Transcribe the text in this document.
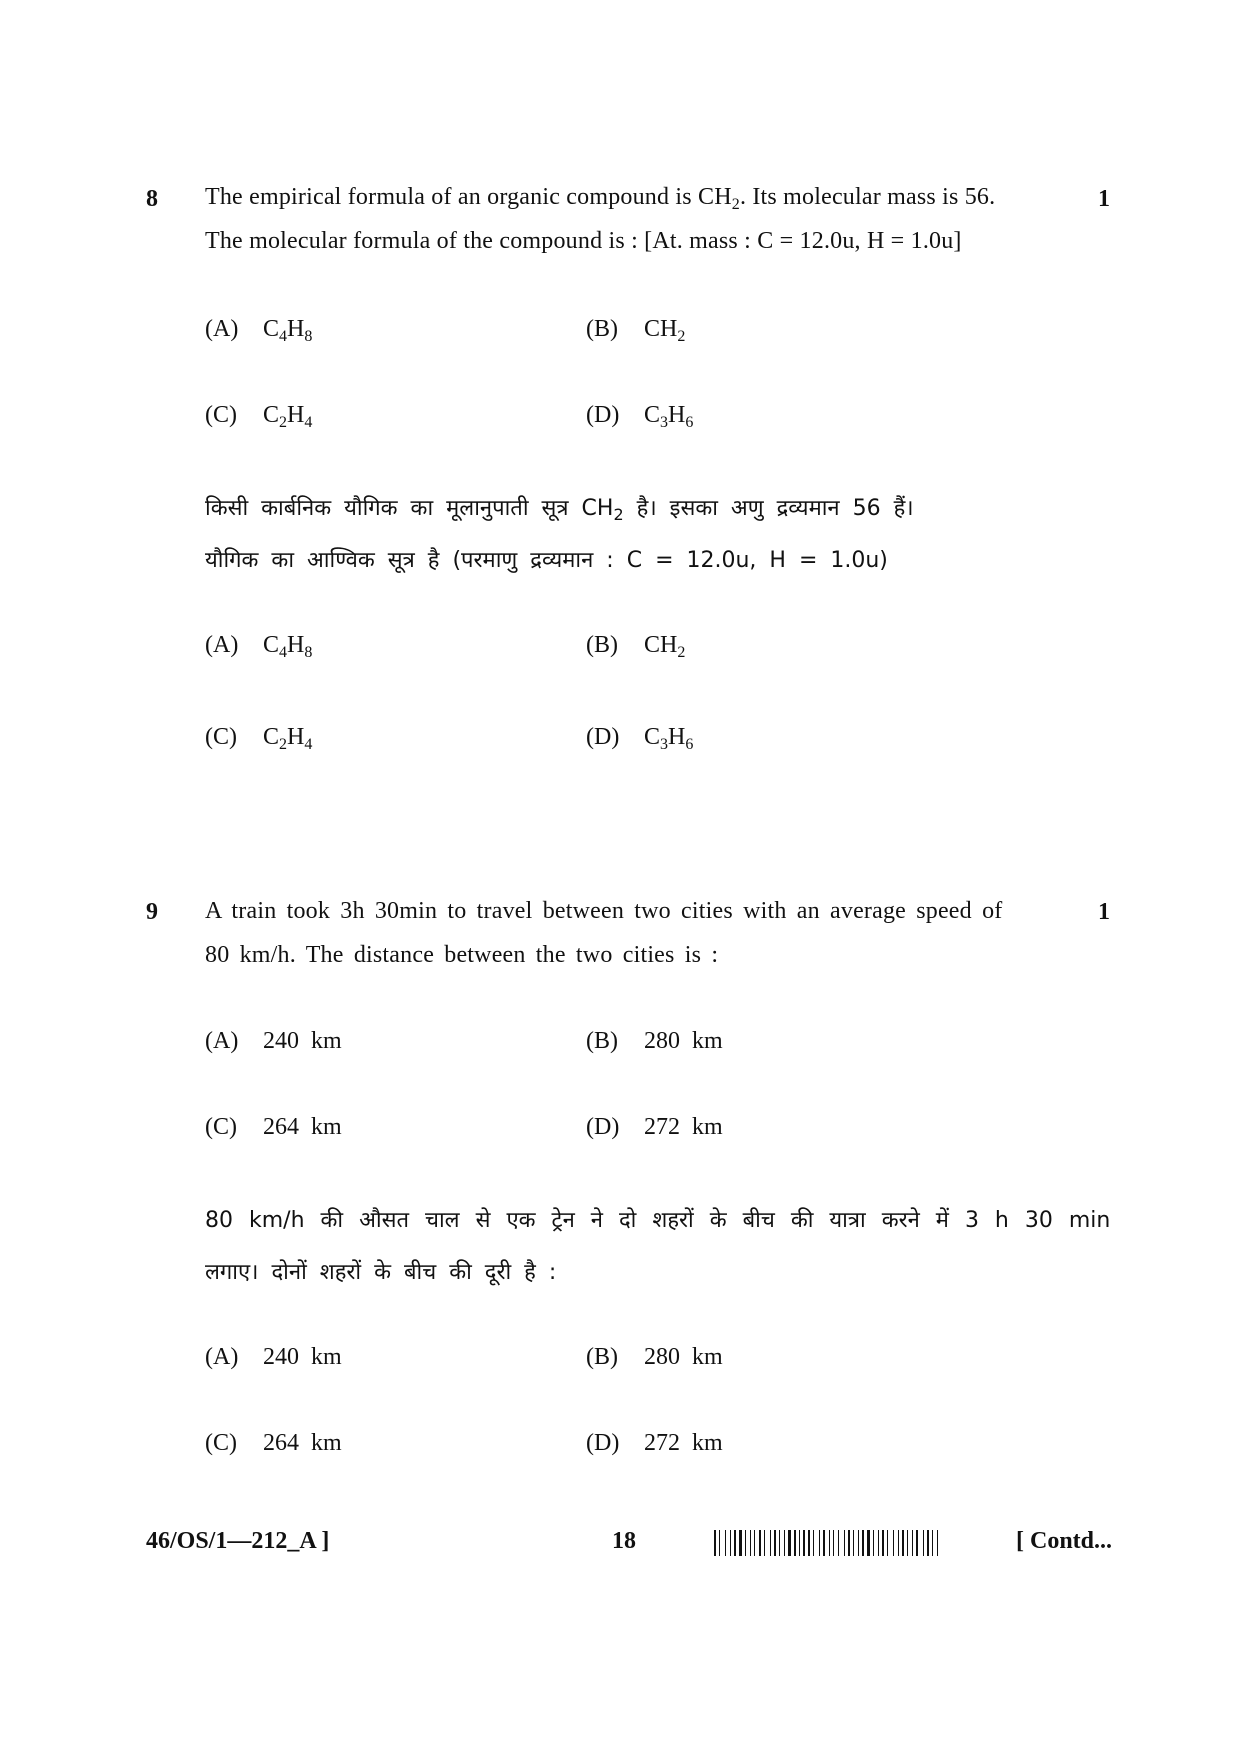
8	1
The empirical formula of an organic compound is $CH_2$. Its molecular mass is 56.
The molecular formula of the compound is : [At. mass : C = 12.0u, H = 1.0u]
(A) $C_4H_8$	(B) $CH_2$
(C) $C_2H_4$	(D) $C_3H_6$
किसी कार्बनिक यौगिक का मूलानुपाती सूत्र $CH_2$ है। इसका अणु द्रव्यमान 56 हैं।
यौगिक का आण्विक सूत्र है (परमाणु द्रव्यमान : C = 12.0u, H = 1.0u)
(A) $C_4H_8$	(B) $CH_2$
(C) $C_2H_4$	(D) $C_3H_6$
9	1
A train took 3h 30min to travel between two cities with an average speed of
80 km/h. The distance between the two cities is :
(A) 240  km	(B) 280  km
(C) 264  km	(D) 272  km
80 km/h की औसत चाल से एक ट्रेन ने दो शहरों के बीच की यात्रा करने में 3 h 30 min
लगाए। दोनों शहरों के बीच की दूरी है :
(A) 240  km	(B) 280  km
(C) 264  km	(D) 272  km
46/OS/1—212_A ]	18	[ Contd...
